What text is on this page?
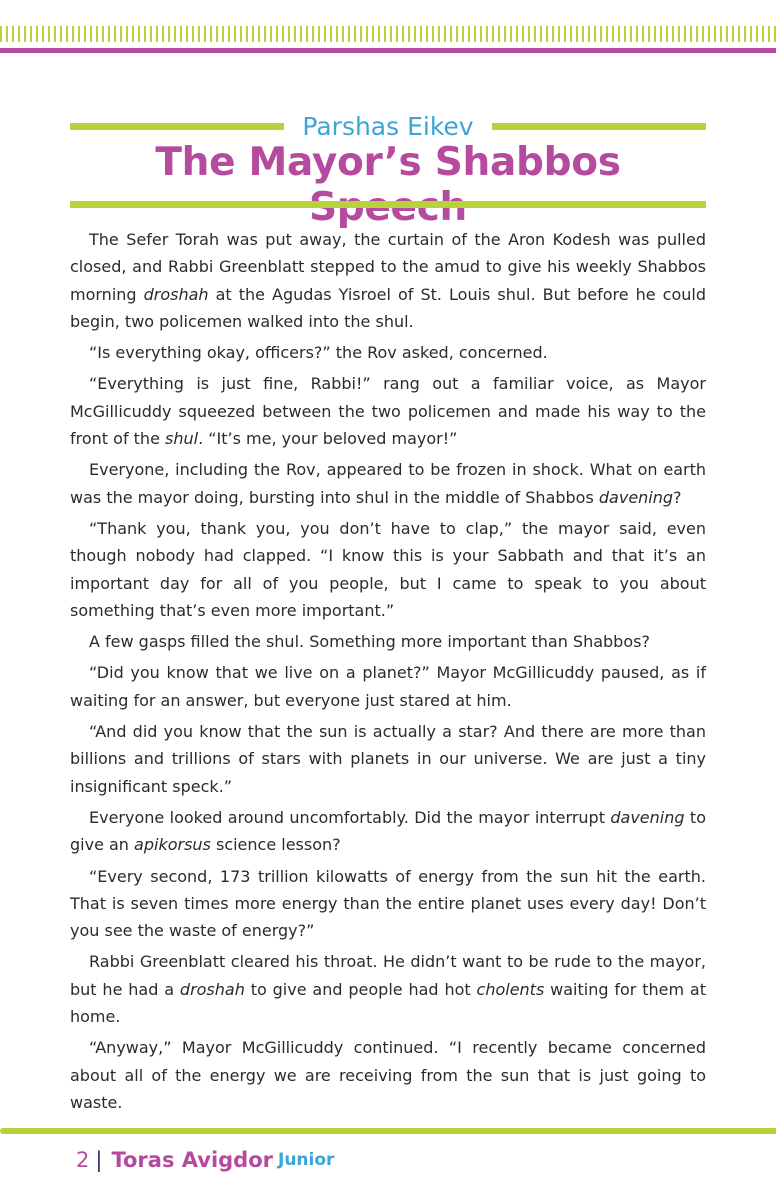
Parshas Eikev
The Mayor’s Shabbos

The Sefer Torah was put away, the curtain of the Aron Kodesh was pulled closed, and Rabbi Greenblatt stepped to the amud to give his weekly Shabbos morning droshah at the Agudas Yisroel of St. Louis shul. But before he could begin, two policemen walked into the shul.

“Is everything okay, officers?” the Rov asked, concerned.

“Everything is just fine, Rabbi!” rang out a familiar voice, as Mayor McGillicuddy squeezed between the two policemen and made his way to the front of the shul. “It’s me, your beloved mayor!”

Everyone, including the Rov, appeared to be frozen in shock. What on earth was the mayor doing, bursting into shul in the middle of Shabbos davening?

“Thank you, thank you, you don’t have to clap,” the mayor said, even though nobody had clapped. “I know this is your Sabbath and that it’s an important day for all of you people, but I came to speak to you about something that’s even more important.”

A few gasps filled the shul. Something more important than Shabbos?

“Did you know that we live on a planet?” Mayor McGillicuddy paused, as if waiting for an answer, but everyone just stared at him.

“And did you know that the sun is actually a star? And there are more than billions and trillions of stars with planets in our universe. We are just a tiny insignificant speck.”

Everyone looked around uncomfortably. Did the mayor interrupt davening to give an apikorsus science lesson?

“Every second, 173 trillion kilowatts of energy from the sun hit the earth. That is seven times more energy than the entire planet uses every day! Don’t you see the waste of energy?”

Rabbi Greenblatt cleared his throat. He didn’t want to be rude to the mayor, but he had a droshah to give and people had hot cholents waiting for them at home.

“Anyway,” Mayor McGillicuddy continued. “I recently became concerned about all of the energy we are receiving from the sun that is just going to waste.

2 | Toras Avigdor Junior
